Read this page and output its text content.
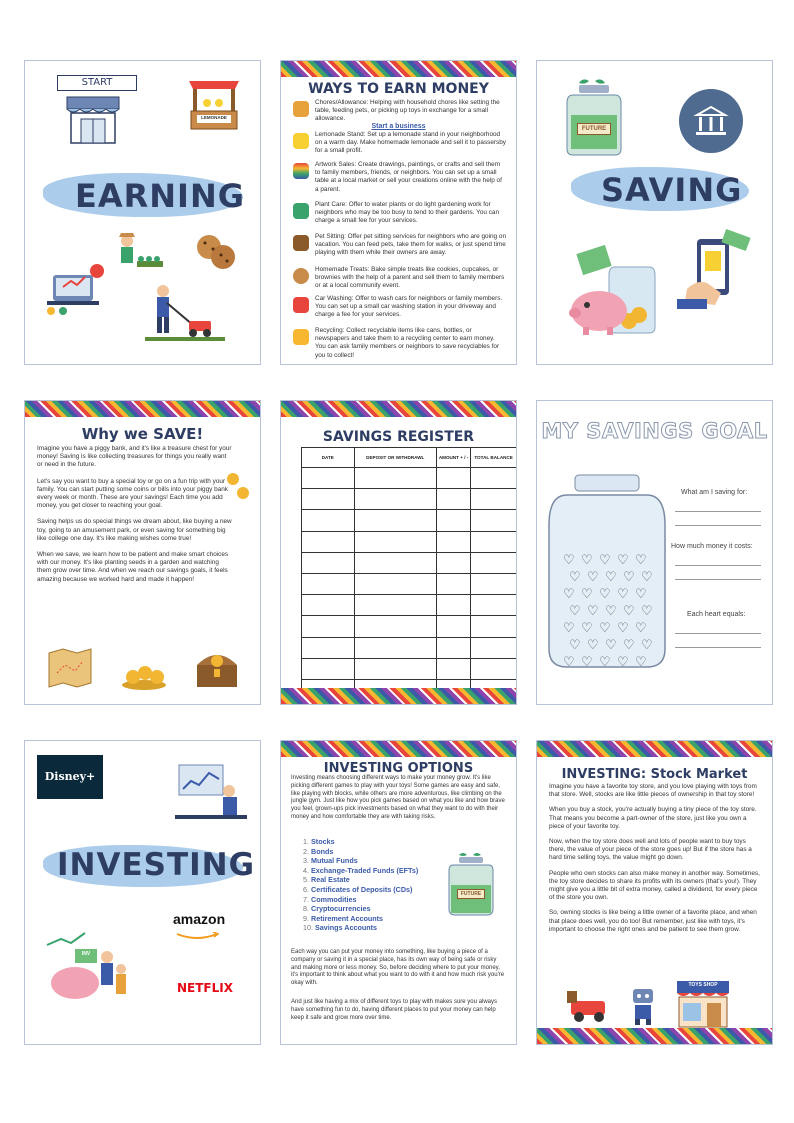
START
LEMONADE
EARNING
WAYS TO EARN MONEY

Chores/Allowance: Helping with household chores like setting the table, feeding pets, or picking up toys in exchange for a small allowance.

Start a business

Lemonade Stand: Set up a lemonade stand in your neighborhood on a warm day. Make homemade lemonade and sell it to passersby for a small profit.

Artwork Sales: Create drawings, paintings, or crafts and sell them to family members, friends, or neighbors. You can set up a small table at a local market or sell your creations online with the help of a parent.

Plant Care: Offer to water plants or do light gardening work for neighbors who may be too busy to tend to their gardens. You can charge a small fee for your services.

Pet Sitting: Offer pet sitting services for neighbors who are going on vacation. You can feed pets, take them for walks, or just spend time playing with them while their owners are away.

Homemade Treats: Bake simple treats like cookies, cupcakes, or brownies with the help of a parent and sell them to family members or at a local community event.

Car Washing: Offer to wash cars for neighbors or family members. You can set up a small car washing station in your driveway and charge a fee for your services.

Recycling: Collect recyclable items like cans, bottles, or newspapers and take them to a recycling center to earn money. You can ask family members or neighbors to save recyclables for you to collect!

FUTURE
SAVING
Why we SAVE!

Imagine you have a piggy bank, and it's like a treasure chest for your money! Saving is like collecting treasures for things you really want or need in the future.

Let's say you want to buy a special toy or go on a fun trip with your family. You can start putting some coins or bills into your piggy bank every week or month. These are your savings! Each time you add money, you get closer to reaching your goal.

Saving helps us do special things we dream about, like buying a new toy, going to an amusement park, or even saving for something big like college one day. It's like making wishes come true!

When we save, we learn how to be patient and make smart choices with our money. It's like planting seeds in a garden and watching them grow over time. And when we reach our savings goals, it feels amazing because we worked hard and made it happen!

SAVINGS REGISTER
DATE	DEPOSIT OR WITHDRAWL	AMOUNT + / -	TOTAL BALANCE

MY SAVINGS GOAL
What am I saving for:
How much money it costs:
Each heart equals:
♡ ♡ ♡ ♡ ♡
♡ ♡ ♡ ♡ ♡
♡ ♡ ♡ ♡ ♡
♡ ♡ ♡ ♡ ♡
♡ ♡ ♡ ♡ ♡
♡ ♡ ♡ ♡ ♡
♡ ♡ ♡ ♡ ♡
Disney+
INVESTING
INV
amazon
NETFLIX
INVESTING OPTIONS

Investing means choosing different ways to make your money grow. It's like picking different games to play with your toys! Some games are easy and safe, like playing with blocks, while others are more adventurous, like climbing on the jungle gym. Just like how you pick games based on what you like and how brave you feel, grown-ups pick investments based on what they want to do with their money and how comfortable they are with taking risks.

1. Stocks
2. Bonds
3. Mutual Funds
4. Exchange-Traded Funds (EFTs)
5. Real Estate
6. Certificates of Deposits (CDs)
7. Commodities
8. Cryptocurrencies
9. Retirement Accounts
10. Savings Accounts
FUTURE

Each way you can put your money into something, like buying a piece of a company or saving it in a special place, has its own way of being safe or risky and making more or less money. So, before deciding where to put your money, it's important to think about what you want to do with it and how much risk you're okay with.

And just like having a mix of different toys to play with makes sure you always have something fun to do, having different places to put your money can help keep it safe and grow more over time.

INVESTING: Stock Market

Imagine you have a favorite toy store, and you love playing with toys from that store. Well, stocks are like little pieces of ownership in that toy store!

When you buy a stock, you're actually buying a tiny piece of the toy store. That means you become a part-owner of the store, just like you own a piece of your favorite toy.

Now, when the toy store does well and lots of people want to buy toys there, the value of your piece of the store goes up! But if the store has a hard time selling toys, the value might go down.

People who own stocks can also make money in another way. Sometimes, the toy store decides to share its profits with its owners (that's you!). They might give you a little bit of extra money, called a dividend, for every piece of the store you own.

So, owning stocks is like being a little owner of a favorite place, and when that place does well, you do too! But remember, just like with toys, it's important to choose the right ones and be patient to see them grow.

TOYS SHOP
